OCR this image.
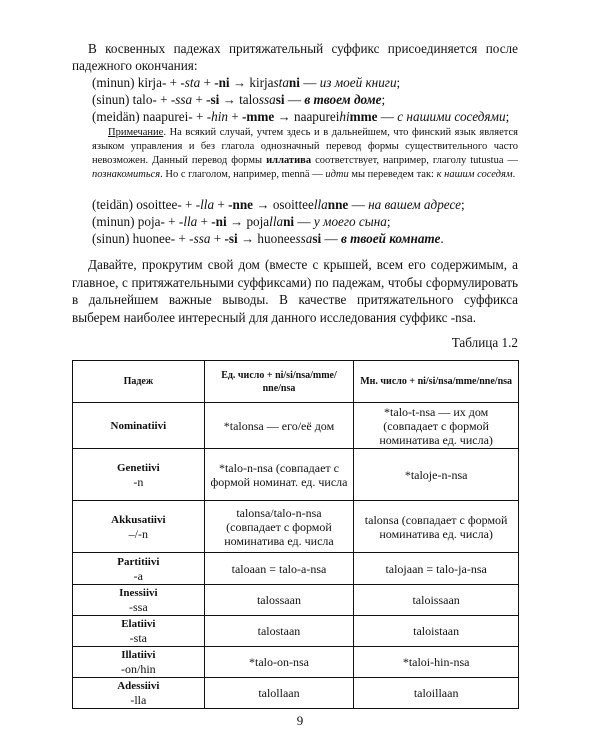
В косвенных падежах притяжательный суффикс присоединяется после падежного окончания:

(minun) kirja- + -sta + -ni → kirjastani — из моей книги;

(sinun) talo- + -ssa + -si → talossasi — в твоем доме;

(meidän) naapurei- + -hin + -mme → naapureihimme — с нашими соседями;

Примечание. На всякий случай, учтем здесь и в дальнейшем, что финский язык является языком управления и без глагола однозначный перевод формы существительного часто невозможен. Данный перевод формы иллатива соответствует, например, глаголу tutustua — познакомиться. Но с глаголом, например, mennä — идти мы переведем так: к нашим соседям.

(teidän) osoittee- + -lla + -nne → osoitteellanne — на вашем адресе;

(minun) poja- + -lla + -ni → pojallani — у моего сына;

(sinun) huonee- + -ssa + -si → huoneessasi — в твоей комнате.

Давайте, прокрутим свой дом (вместе с крышей, всем его содержимым, а главное, с притяжательными суффиксами) по падежам, чтобы сформулировать в дальнейшем важные выводы. В качестве притяжательного суффикса выберем наиболее интересный для данного исследования суффикс -nsa.

Таблица 1.2
Падеж	Ед. число + ni/si/nsa/mme/ nne/nsa	Мн. число + ni/si/nsa/mme/nne/nsa

Nominatiivi	*talonsa — его/её дом	*talo-t-nsa — их дом (совпадает с формой номинатива ед. числа)

Genetiivi
-n	*talo-n-nsa (совпадает с формой номинат. ед. числа	*taloje-n-nsa

Akkusatiivi
–/-n	talonsa/talo-n-nsa (совпадает с формой номинатива ед. числа	talonsa (совпадает с формой номинатива ед. числа)

Partitiivi
-a	taloaan = talo-a-nsa	talojaan = talo-ja-nsa

Inessiivi
-ssa	talossaan	taloissaan

Elatiivi
-sta	talostaan	taloistaan

Illatiivi
-on/hin	*talo-on-nsa	*taloi-hin-nsa

Adessiivi
-lla	talollaan	taloillaan
9
